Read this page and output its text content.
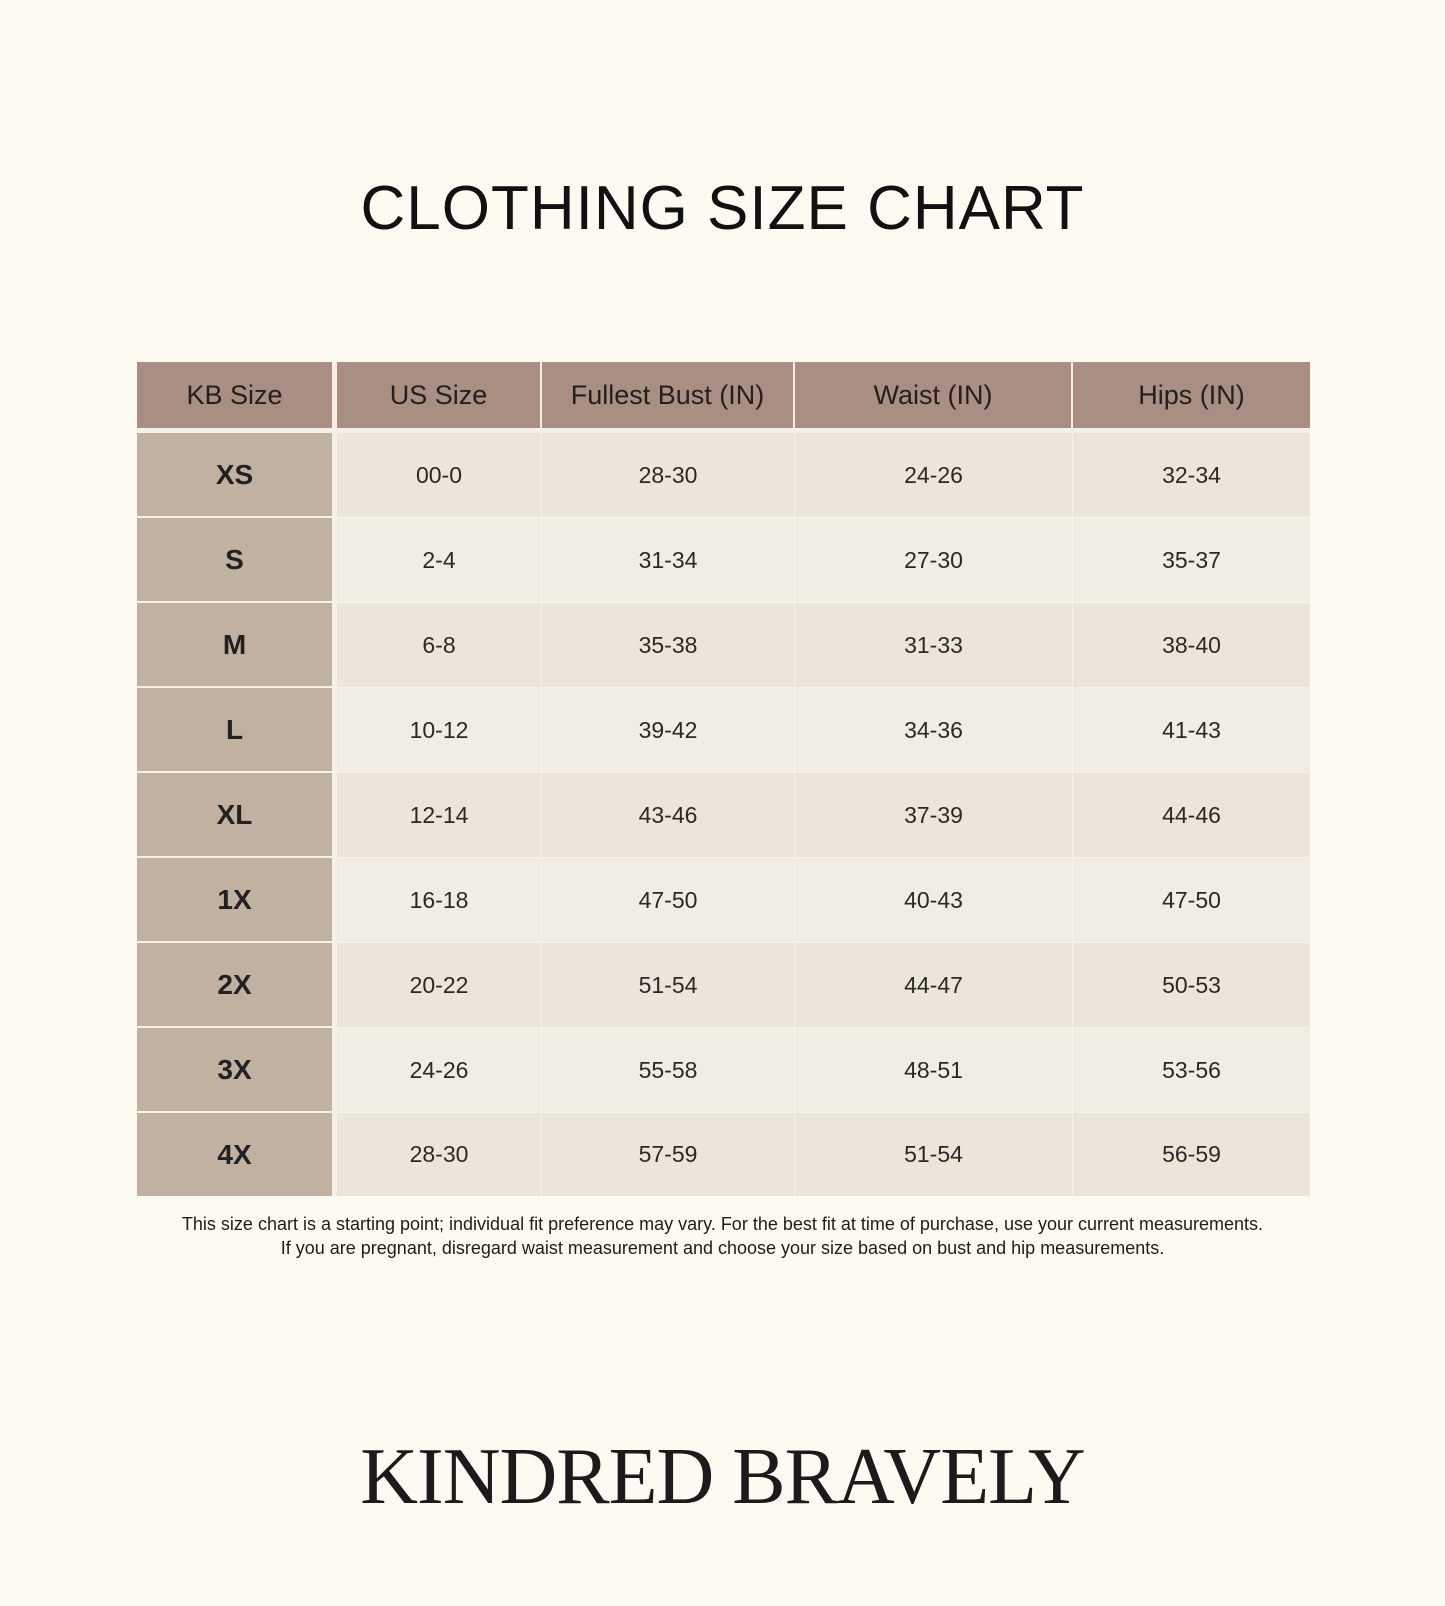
CLOTHING SIZE CHART
KB Size	US Size	Fullest Bust (IN)	Waist (IN)	Hips (IN)
XS	00-0	28-30	24-26	32-34
S	2-4	31-34	27-30	35-37
M	6-8	35-38	31-33	38-40
L	10-12	39-42	34-36	41-43
XL	12-14	43-46	37-39	44-46
1X	16-18	47-50	40-43	47-50
2X	20-22	51-54	44-47	50-53
3X	24-26	55-58	48-51	53-56
4X	28-30	57-59	51-54	56-59

This size chart is a starting point; individual fit preference may vary. For the best fit at time of purchase, use your current measurements.

If you are pregnant, disregard waist measurement and choose your size based on bust and hip measurements.

KINDRED BRAVELY
